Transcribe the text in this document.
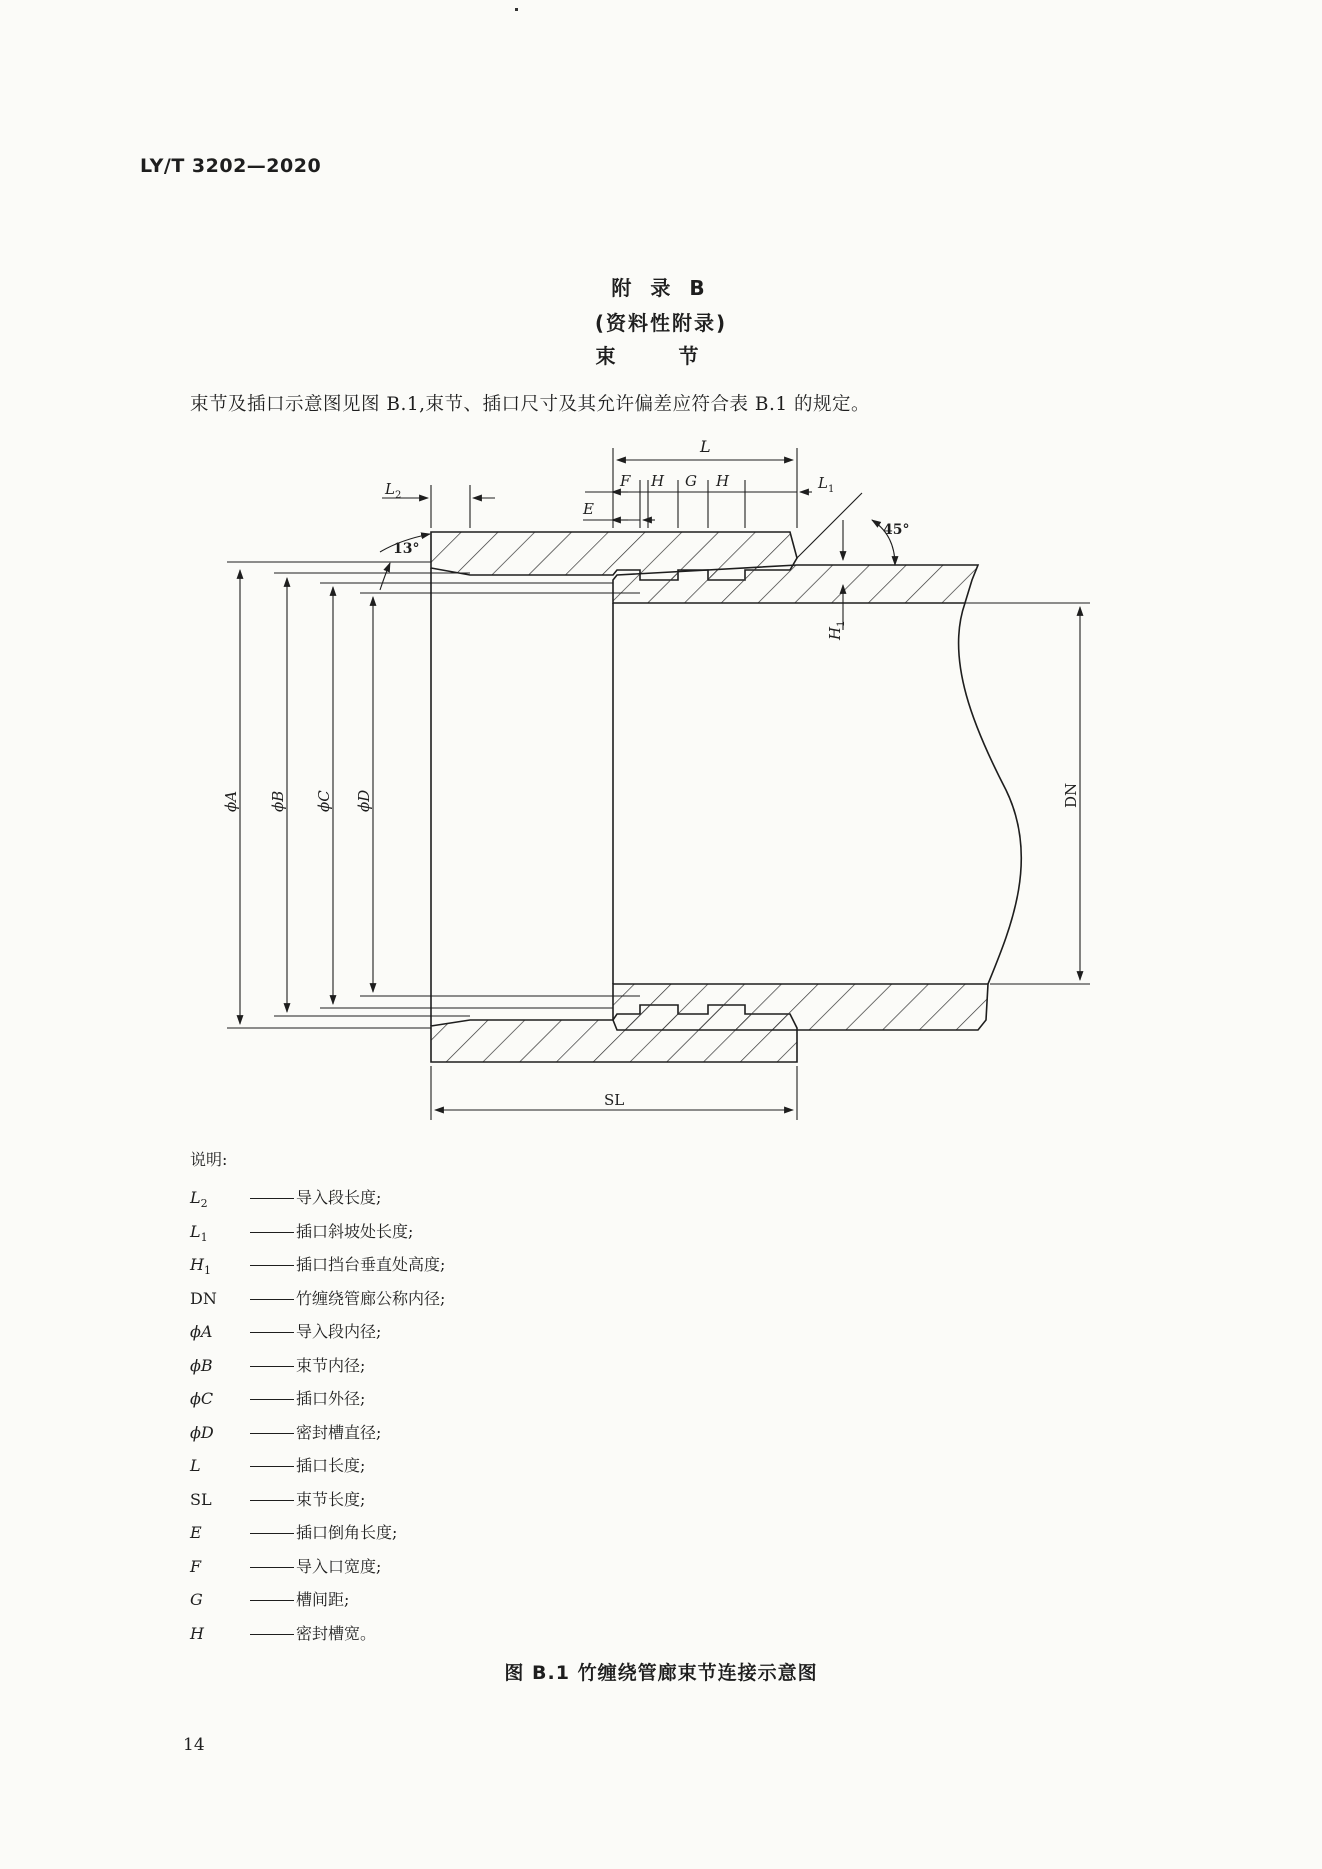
LY/T 3202—2020
附 录 B
(资料性附录)
束 节
束节及插口示意图见图 B.1,束节、插口尺寸及其允许偏差应符合表 B.1 的规定。
L
F H G H	$L_1$
E
$L_2$
13°
45°
$H_1$
ϕA ϕB ϕC ϕD	DN
SL
说明:
$L_2$	导入段长度;
$L_1$	插口斜坡处长度;
$H_1$	插口挡台垂直处高度;
DN	竹缠绕管廊公称内径;
ϕA	导入段内径;
ϕB	束节内径;
ϕC	插口外径;
ϕD	密封槽直径;
L	插口长度;
SL	束节长度;
E	插口倒角长度;
F	导入口宽度;
G	槽间距;
H	密封槽宽。
图 B.1 竹缠绕管廊束节连接示意图
14
